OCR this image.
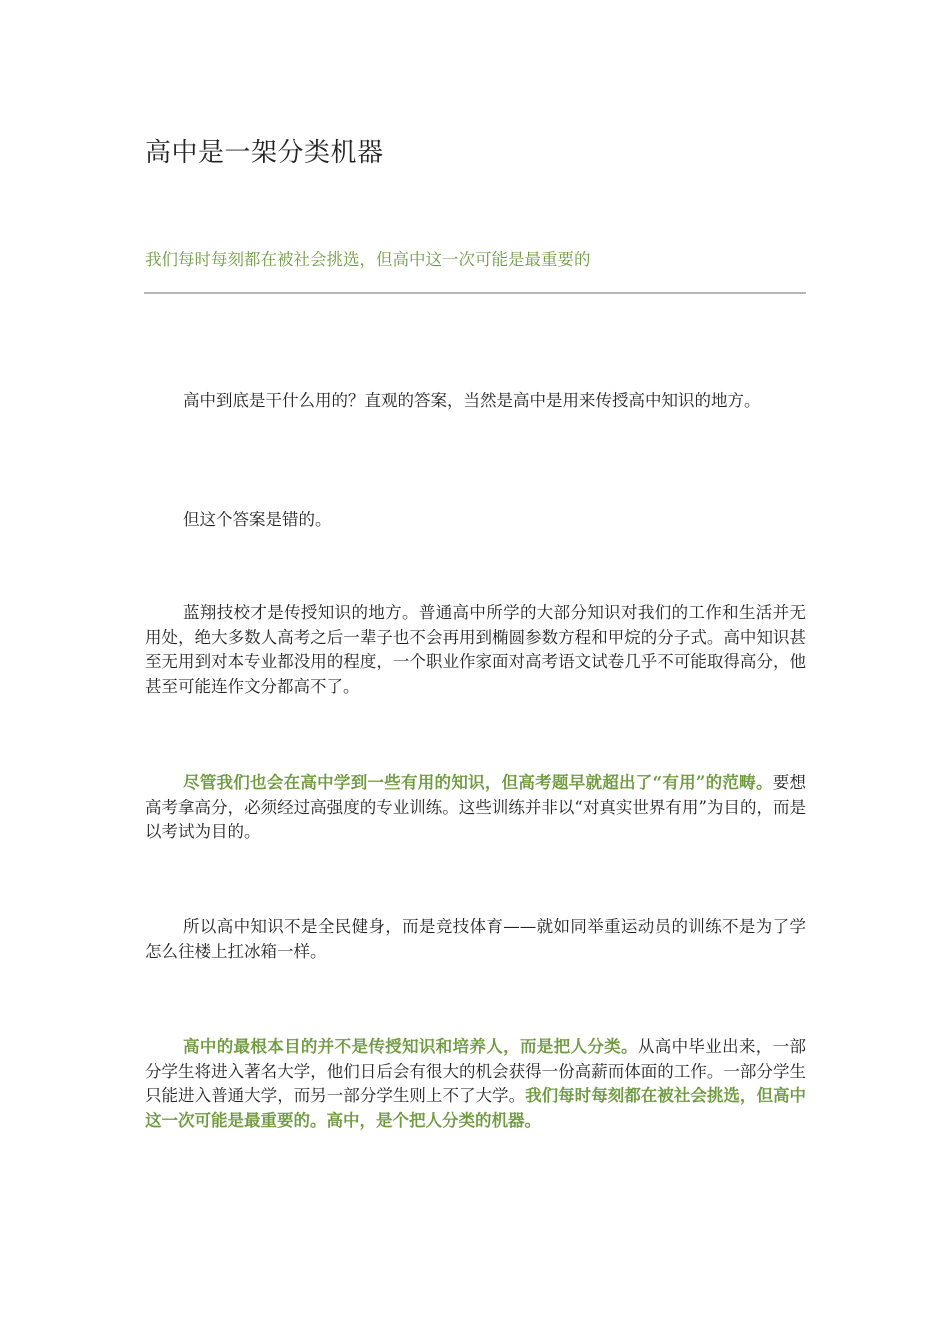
高中是一架分类机器

我们每时每刻都在被社会挑选，但高中这一次可能是最重要的

高中到底是干什么用的？直观的答案，当然是高中是用来传授高中知识的地方。

但这个答案是错的。

蓝翔技校才是传授知识的地方。普通高中所学的大部分知识对我们的工作和生活并无用处，绝大多数人高考之后一辈子也不会再用到椭圆参数方程和甲烷的分子式。高中知识甚至无用到对本专业都没用的程度，一个职业作家面对高考语文试卷几乎不可能取得高分，他甚至可能连作文分都高不了。

尽管我们也会在高中学到一些有用的知识，但高考题早就超出了“有用”的范畴。要想高考拿高分，必须经过高强度的专业训练。这些训练并非以“对真实世界有用”为目的，而是以考试为目的。

所以高中知识不是全民健身，而是竞技体育——就如同举重运动员的训练不是为了学怎么往楼上扛冰箱一样。

高中的最根本目的并不是传授知识和培养人，而是把人分类。从高中毕业出来，一部分学生将进入著名大学，他们日后会有很大的机会获得一份高薪而体面的工作。一部分学生只能进入普通大学，而另一部分学生则上不了大学。我们每时每刻都在被社会挑选，但高中这一次可能是最重要的。高中，是个把人分类的机器。
